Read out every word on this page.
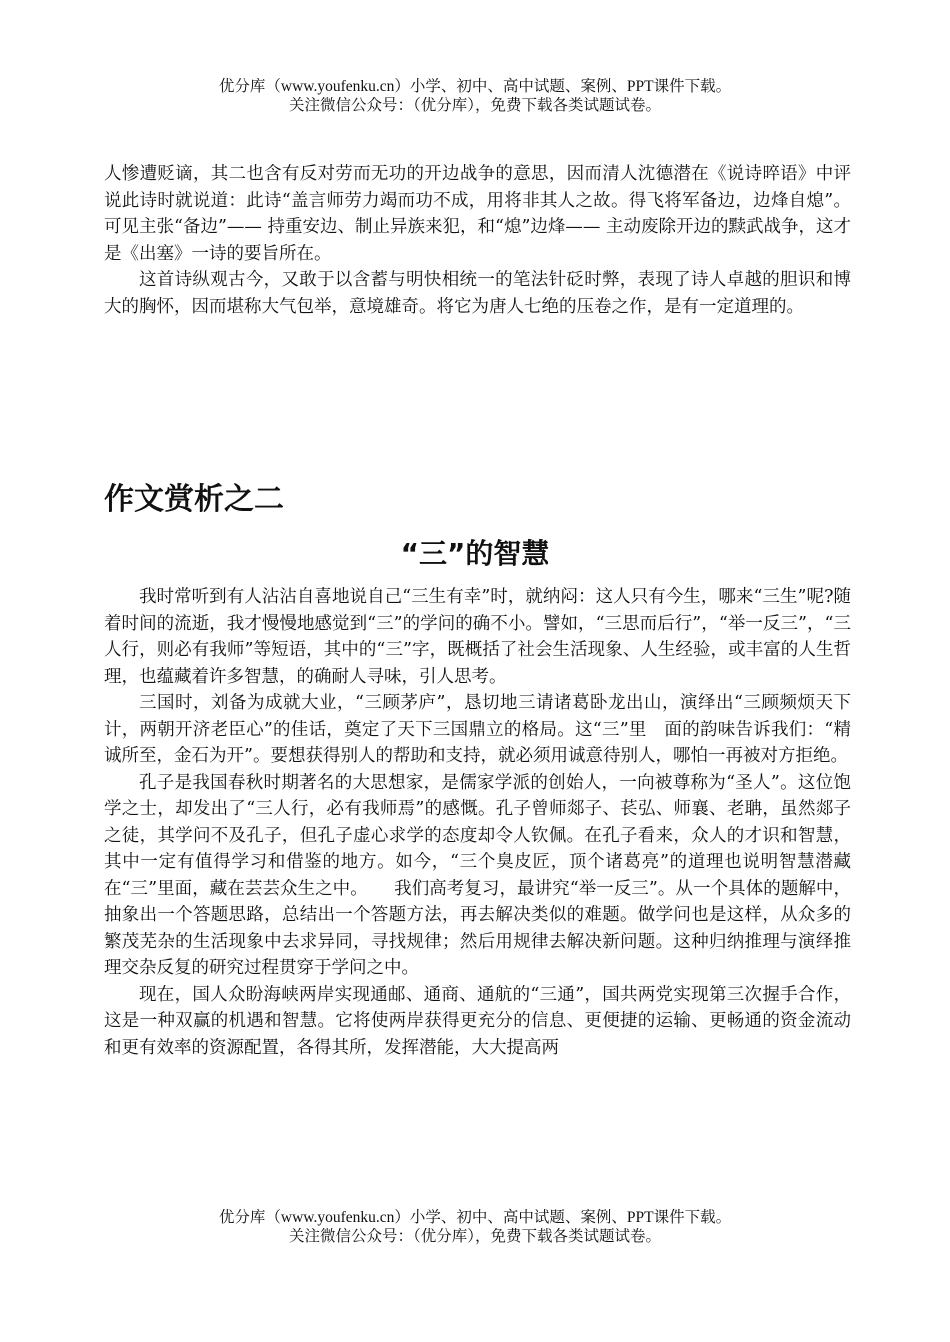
优分库（www.youfenku.cn）小学、初中、高中试题、案例、PPT课件下载。
关注微信公众号：（优分库），免费下载各类试题试卷。

人惨遭贬谪，其二也含有反对劳而无功的开边战争的意思，因而清人沈德潜在《说诗晬语》中评说此诗时就说道：此诗“盖言师劳力竭而功不成，用将非其人之故。得飞将军备边，边烽自熄”。可见主张“备边”—— 持重安边、制止异族来犯，和“熄”边烽—— 主动废除开边的黩武战争，这才是《出塞》一诗的要旨所在。

这首诗纵观古今，又敢于以含蓄与明快相统一的笔法针砭时弊，表现了诗人卓越的胆识和博大的胸怀，因而堪称大气包举，意境雄奇。将它为唐人七绝的压卷之作，是有一定道理的。

作文赏析之二
“三”的智慧

我时常听到有人沾沾自喜地说自己“三生有幸”时，就纳闷：这人只有今生，哪来“三生”呢?随着时间的流逝，我才慢慢地感觉到“三”的学问的确不小。譬如，“三思而后行”，“举一反三”，“三人行，则必有我师”等短语，其中的“三”字，既概括了社会生活现象、人生经验，或丰富的人生哲理，也蕴藏着许多智慧，的确耐人寻味，引人思考。

三国时，刘备为成就大业，“三顾茅庐”，恳切地三请诸葛卧龙出山，演绎出“三顾频烦天下计，两朝开济老臣心”的佳话，奠定了天下三国鼎立的格局。这“三”里　面的韵味告诉我们：“精诚所至，金石为开”。要想获得别人的帮助和支持，就必须用诚意待别人，哪怕一再被对方拒绝。

孔子是我国春秋时期著名的大思想家，是儒家学派的创始人，一向被尊称为“圣人”。这位饱学之士，却发出了“三人行，必有我师焉”的感慨。孔子曾师郯子、苌弘、师襄、老聃，虽然郯子之徒，其学问不及孔子，但孔子虚心求学的态度却令人钦佩。在孔子看来，众人的才识和智慧，其中一定有值得学习和借鉴的地方。如今，“三个臭皮匠，顶个诸葛亮”的道理也说明智慧潜藏在“三”里面，藏在芸芸众生之中。　　我们高考复习，最讲究“举一反三”。从一个具体的题解中，抽象出一个答题思路，总结出一个答题方法，再去解决类似的难题。做学问也是这样，从众多的繁茂芜杂的生活现象中去求异同，寻找规律；然后用规律去解决新问题。这种归纳推理与演绎推理交杂反复的研究过程贯穿于学问之中。

现在，国人众盼海峡两岸实现通邮、通商、通航的“三通”，国共两党实现第三次握手合作，这是一种双赢的机遇和智慧。它将使两岸获得更充分的信息、更便捷的运输、更畅通的资金流动和更有效率的资源配置，各得其所，发挥潜能，大大提高两

优分库（www.youfenku.cn）小学、初中、高中试题、案例、PPT课件下载。
关注微信公众号：（优分库），免费下载各类试题试卷。
